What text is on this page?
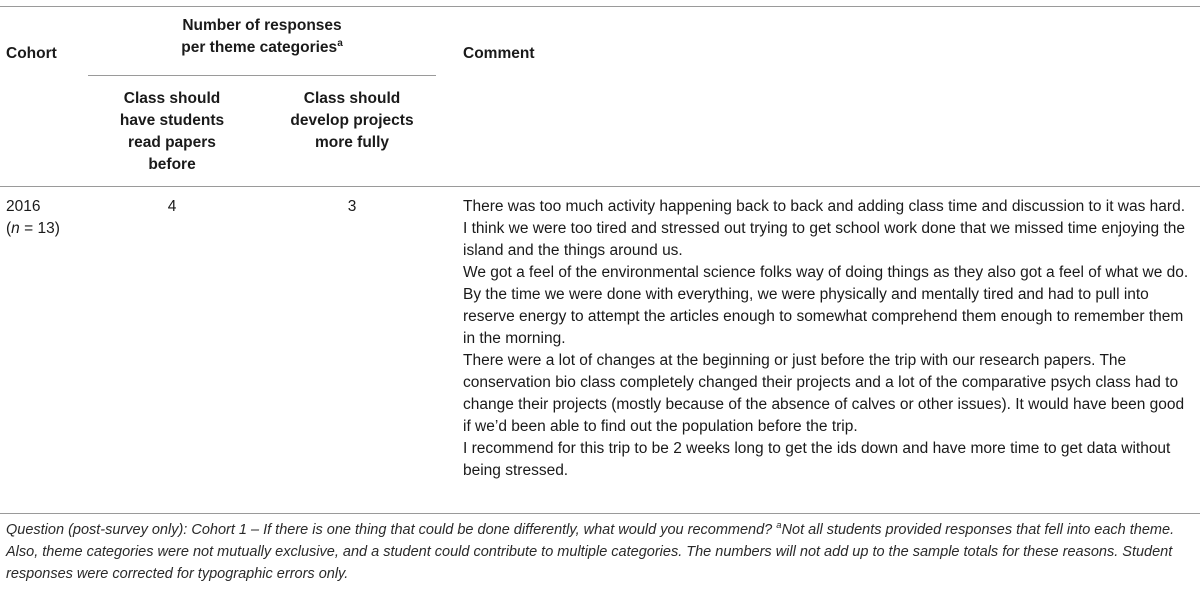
Cohort
Number of responses
per theme categories$^a$
Comment
Class should
have students
read papers
before
Class should
develop projects
more fully
2016
(n = 13)
4	3	There was too much activity happening back to back and adding class time and discussion to it was hard. I think we were too tired and stressed out trying to get school work done that we missed time enjoying the island and the things around us.

We got a feel of the environmental science folks way of doing things as they also got a feel of what we do.

By the time we were done with everything, we were physically and mentally tired and had to pull into reserve energy to attempt the articles enough to somewhat comprehend them enough to remember them in the morning.

There were a lot of changes at the beginning or just before the trip with our research papers. The conservation bio class completely changed their projects and a lot of the comparative psych class had to change their projects (mostly because of the absence of calves or other issues). It would have been good if we’d been able to find out the population before the trip.

I recommend for this trip to be 2 weeks long to get the ids down and have more time to get data without being stressed.

Question (post-survey only): Cohort 1 – If there is one thing that could be done differently, what would you recommend? $^a$Not all students provided responses that fell into each theme. Also, theme categories were not mutually exclusive, and a student could contribute to multiple categories. The numbers will not add up to the sample totals for these reasons. Student responses were corrected for typographic errors only.
